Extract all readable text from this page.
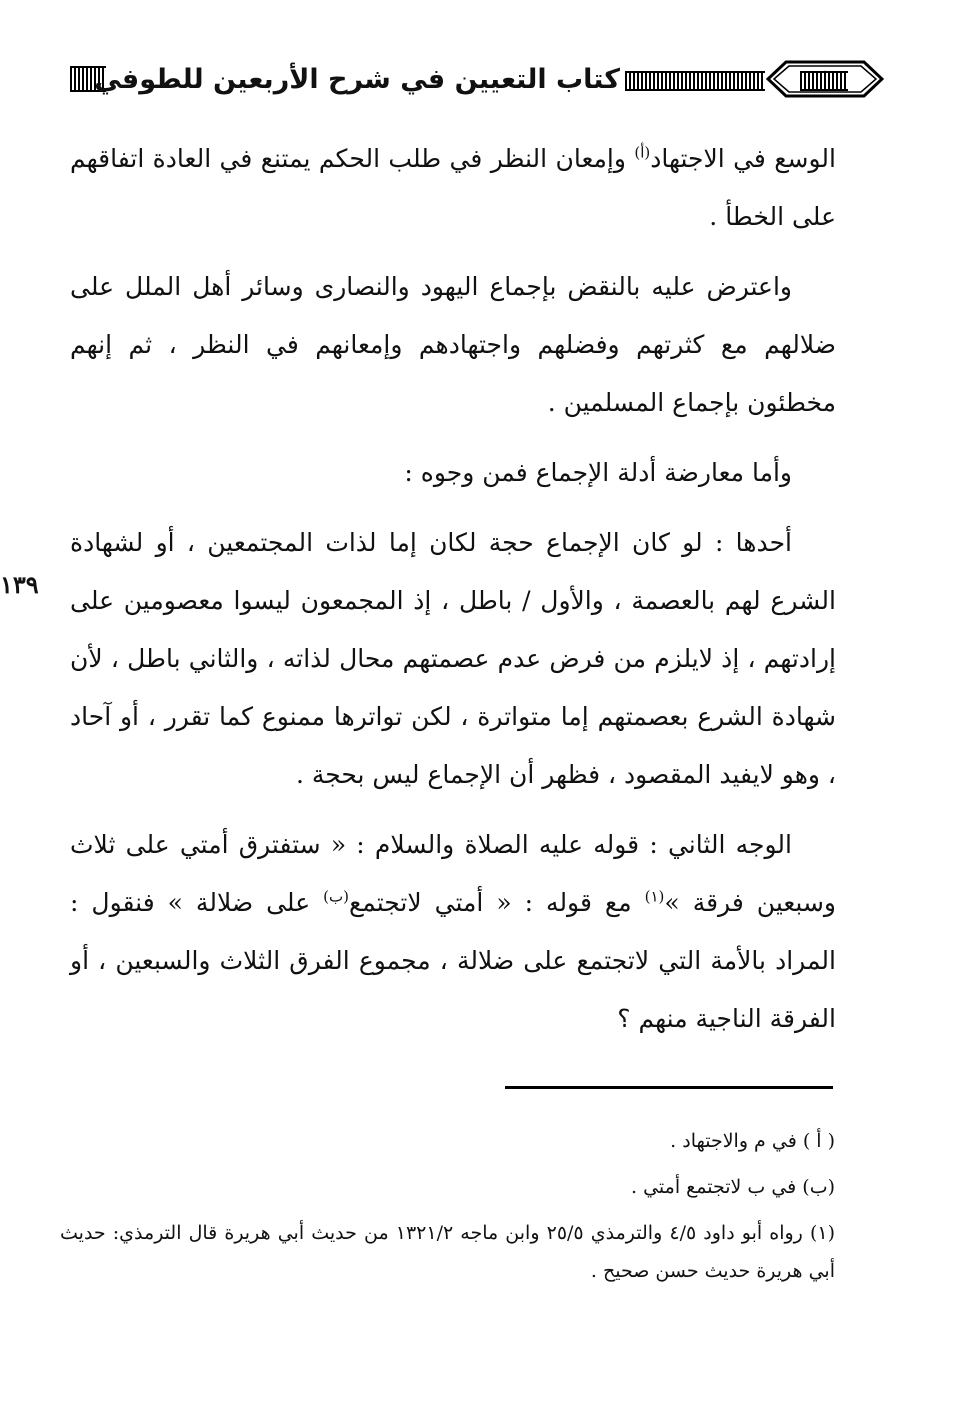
كتاب التعيين في شرح الأربعين للطوفي
١٣٩

الوسع في الاجتهاد$^{(أ)}$ وإمعان النظر في طلب الحكم يمتنع في العادة اتفاقهم على الخطأ .

واعترض عليه بالنقض بإجماع اليهود والنصارى وسائر أهل الملل على ضلالهم مع كثرتهم وفضلهم واجتهادهم وإمعانهم في النظر ، ثم إنهم مخطئون بإجماع المسلمين .

وأما معارضة أدلة الإجماع فمن وجوه :

أحدها : لو كان الإجماع حجة لكان إما لذات المجتمعين ، أو لشهادة الشرع لهم بالعصمة ، والأول / باطل ، إذ المجمعون ليسوا معصومين على إرادتهم ، إذ لايلزم من فرض عدم عصمتهم محال لذاته ، والثاني باطل ، لأن شهادة الشرع بعصمتهم إما متواترة ، لكن تواترها ممنوع كما تقرر ، أو آحاد ، وهو لايفيد المقصود ، فظهر أن الإجماع ليس بحجة .

الوجه الثاني : قوله عليه الصلاة والسلام : « ستفترق أمتي على ثلاث وسبعين فرقة »$^{(١)}$ مع قوله : « أمتي لاتجتمع$^{(ب)}$ على ضلالة » فنقول : المراد بالأمة التي لاتجتمع على ضلالة ، مجموع الفرق الثلاث والسبعين ، أو الفرقة الناجية منهم ؟

( أ ) في م والاجتهاد .

(ب) في ب لاتجتمع أمتي .

(١) رواه أبو داود ٤/٥ والترمذي ٢٥/٥ وابن ماجه ١٣٢١/٢ من حديث أبي هريرة قال الترمذي: حديث أبي هريرة حديث حسن صحيح .
